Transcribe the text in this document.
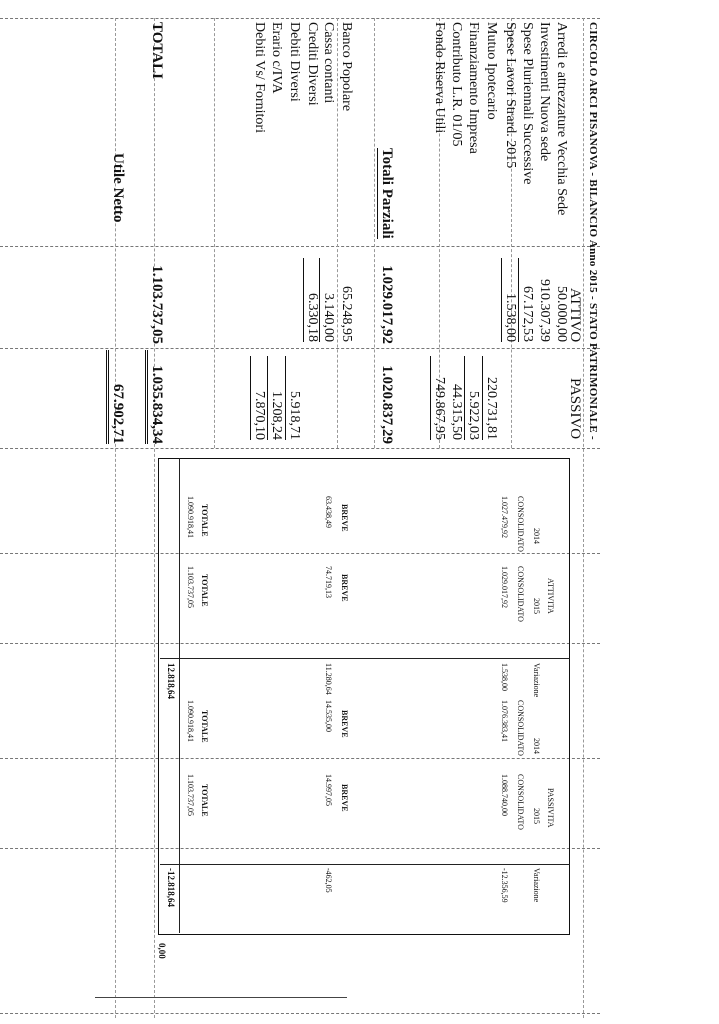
CIRCOLO ARCI PISANOVA - BILANCIO Anno 2015 - STATO PATRIMONIALE -
ATTIVO
PASSIVO
Arredi e attrezzature Vecchia Sede
Investimenti Nuova sede
Spese Pluriennali Successive
Spese Lavori Strard. 2015
Mutuo Ipotecario
Finanziamento Impresa
Contributo L.R. 01/05
Fondo Riserva Utili
50.000,00
910.307,39
67.172,53
1.538,00
220.731,81
5.922,03
44.315,50
749.867,95
Totali Parziali
1.029.017,92
1.020.837,29
Banco Popolare
Cassa contanti
Crediti Diversi
Debiti Diversi
Erario c/IVA
Debiti Vs/ Fornitori
65.248,95
3.140,00
6.330,18
5.918,71
1.208,24
7.870,10
TOTALI
1.103.737,05
1.035.834,34
Utile Netto
67.902,71
ATTIVITA
2014
2015
Variazione
CONSOLIDATO
CONSOLIDATO
1.027.479,92
1.029.017,92
1.538,00
BREVE
BREVE
63.438,49
74.719,13
11.280,64
TOTALE
TOTALE
1.090.918,41
1.103.737,05
12.818,64
PASSIVITA
2014
2015
Variazione
CONSOLIDATO
CONSOLIDATO
1.076.383,41
1.088.740,00
-12.356,59
BREVE
BREVE
14.535,00
14.997,05
-462,05
TOTALE
TOTALE
1.090.918,41
1.103.737,05
-12.818,64
0,00
